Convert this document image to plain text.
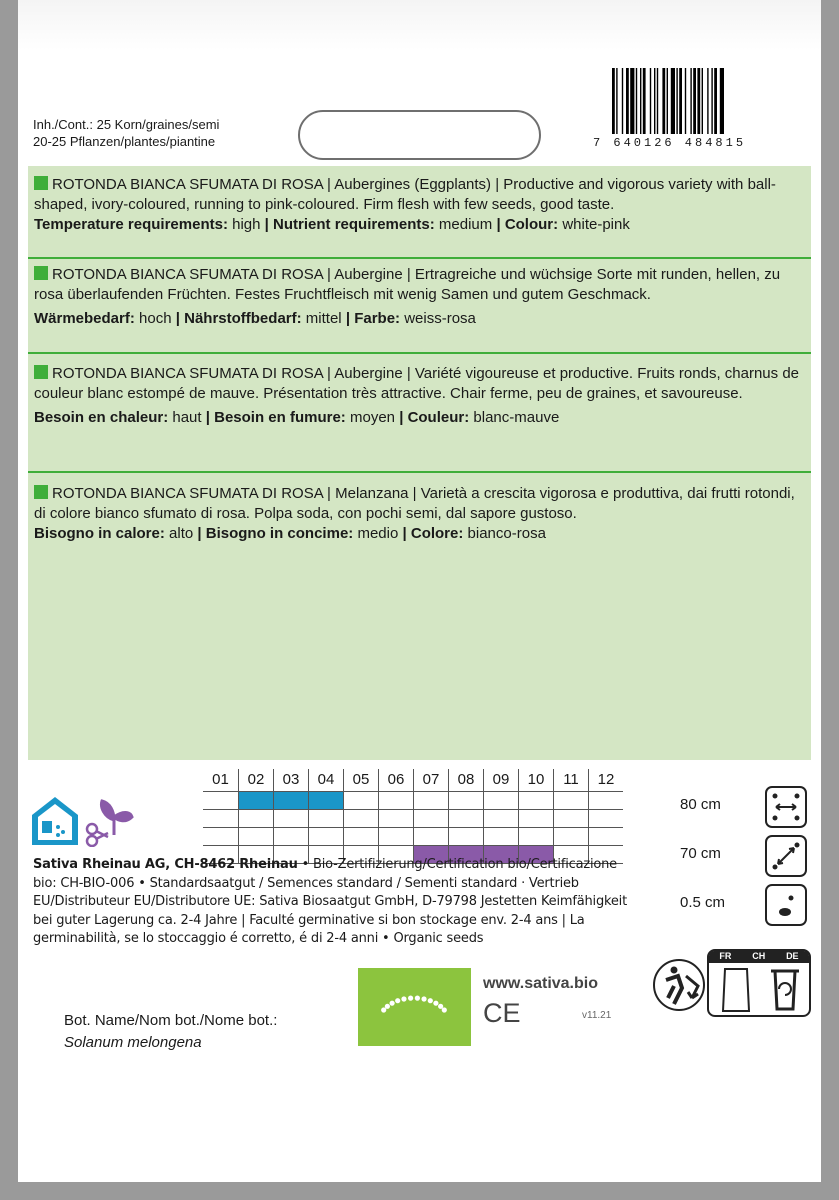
Inh./Cont.: 25 Korn/graines/semi
20-25 Pflanzen/plantes/piantine	7 640126 484815
ROTONDA BIANCA SFUMATA DI ROSA | Aubergines (Eggplants) | Productive and vigorous variety with ball-shaped, ivory-coloured, running to pink-coloured. Firm flesh with few seeds, good taste.
Temperature requirements: high | Nutrient requirements: medium | Colour: white-pink
ROTONDA BIANCA SFUMATA DI ROSA | Aubergine | Ertragreiche und wüchsige Sorte mit runden, hellen, zu rosa überlaufenden Früchten. Festes Fruchtfleisch mit wenig Samen und gutem Geschmack.

Wärmebedarf: hoch | Nährstoffbedarf: mittel | Farbe: weiss-rosa
ROTONDA BIANCA SFUMATA DI ROSA | Aubergine | Variété vigoureuse et productive. Fruits ronds, charnus de couleur blanc estompé de mauve. Présentation très attractive. Chair ferme, peu de graines, et savoureuse.

Besoin en chaleur: haut | Besoin en fumure: moyen | Couleur: blanc-mauve
ROTONDA BIANCA SFUMATA DI ROSA | Melanzana | Varietà a crescita vigorosa e produttiva, dai frutti rotondi, di colore bianco sfumato di rosa. Polpa soda, con pochi semi, dal sapore gustoso.
Bisogno in calore: alto | Bisogno in concime: medio | Colore: bianco-rosa
01	02	03	04	05	06	07	08	09	10	11	12
Sativa Rheinau AG, CH-8462 Rheinau • Bio-Zertifizierung/Certification bio/Certificazione bio: CH-BIO-006 • Standardsaatgut / Semences standard / Sementi standard · Vertrieb EU/Distributeur EU/Distributore UE: Sativa Biosaatgut GmbH, D-79798 Jestetten Keimfähigkeit bei guter Lagerung ca. 2-4 Jahre | Faculté germinative si bon stockage env. 2-4 ans | La germinabilità, se lo stoccaggio é corretto, é di 2-4 anni • Organic seeds
80 cm
70 cm
0.5 cm
FR CH DE
Bot. Name/Nom bot./Nome bot.:
Solanum melongena
www.sativa.bio
CE	v11.21
